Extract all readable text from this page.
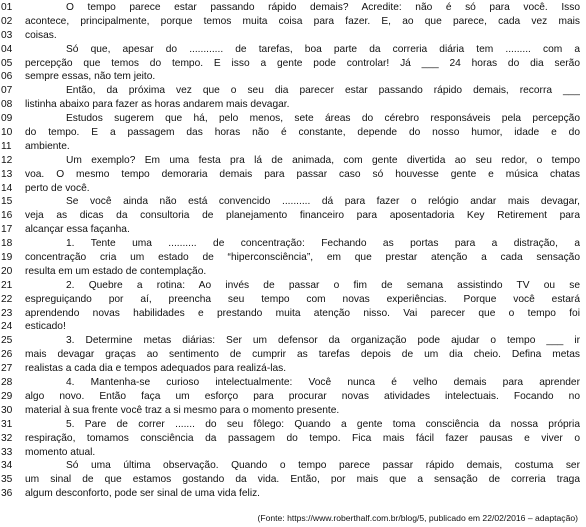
01	O tempo parece estar passando rápido demais? Acredite: não é só para você. Isso
02	acontece, principalmente, porque temos muita coisa para fazer. E, ao que parece, cada vez mais
03	coisas.
04	Só que, apesar do ............ de tarefas, boa parte da correria diária tem ......... com a
05	percepção que temos do tempo. E isso a gente pode controlar! Já ___ 24 horas do dia serão
06	sempre essas, não tem jeito.
07	Então, da próxima vez que o seu dia parecer estar passando rápido demais, recorra ___
08	listinha abaixo para fazer as horas andarem mais devagar.
09	Estudos sugerem que há, pelo menos, sete áreas do cérebro responsáveis pela percepção
10	do tempo. E a passagem das horas não é constante, depende do nosso humor, idade e do
11	ambiente.
12	Um exemplo? Em uma festa pra lá de animada, com gente divertida ao seu redor, o tempo
13	voa. O mesmo tempo demoraria demais para passar caso só houvesse gente e música chatas
14	perto de você.
15	Se você ainda não está convencido .......... dá para fazer o relógio andar mais devagar,
16	veja as dicas da consultoria de planejamento financeiro para aposentadoria Key Retirement para
17	alcançar essa façanha.
18	1. Tente uma .......... de concentração: Fechando as portas para a distração, a
19	concentração cria um estado de “hiperconsciência”, em que prestar atenção a cada sensação
20	resulta em um estado de contemplação.
21	2. Quebre a rotina: Ao invés de passar o fim de semana assistindo TV ou se
22	espreguiçando por aí, preencha seu tempo com novas experiências. Porque você estará
23	aprendendo novas habilidades e prestando muita atenção nisso. Vai parecer que o tempo foi
24	esticado!
25	3. Determine metas diárias: Ser um defensor da organização pode ajudar o tempo ___ ir
26	mais devagar graças ao sentimento de cumprir as tarefas depois de um dia cheio. Defina metas
27	realistas a cada dia e tempos adequados para realizá-las.
28	4. Mantenha-se curioso intelectualmente: Você nunca é velho demais para aprender
29	algo novo. Então faça um esforço para procurar novas atividades intelectuais. Focando no
30	material à sua frente você traz a si mesmo para o momento presente.
31	5. Pare de correr ....... do seu fôlego: Quando a gente toma consciência da nossa própria
32	respiração, tomamos consciência da passagem do tempo. Fica mais fácil fazer pausas e viver o
33	momento atual.
34	Só uma última observação. Quando o tempo parece passar rápido demais, costuma ser
35	um sinal de que estamos gostando da vida. Então, por mais que a sensação de correria traga
36	algum desconforto, pode ser sinal de uma vida feliz.
(Fonte: https://www.roberthalf.com.br/blog/5, publicado em 22/02/2016 – adaptação)
